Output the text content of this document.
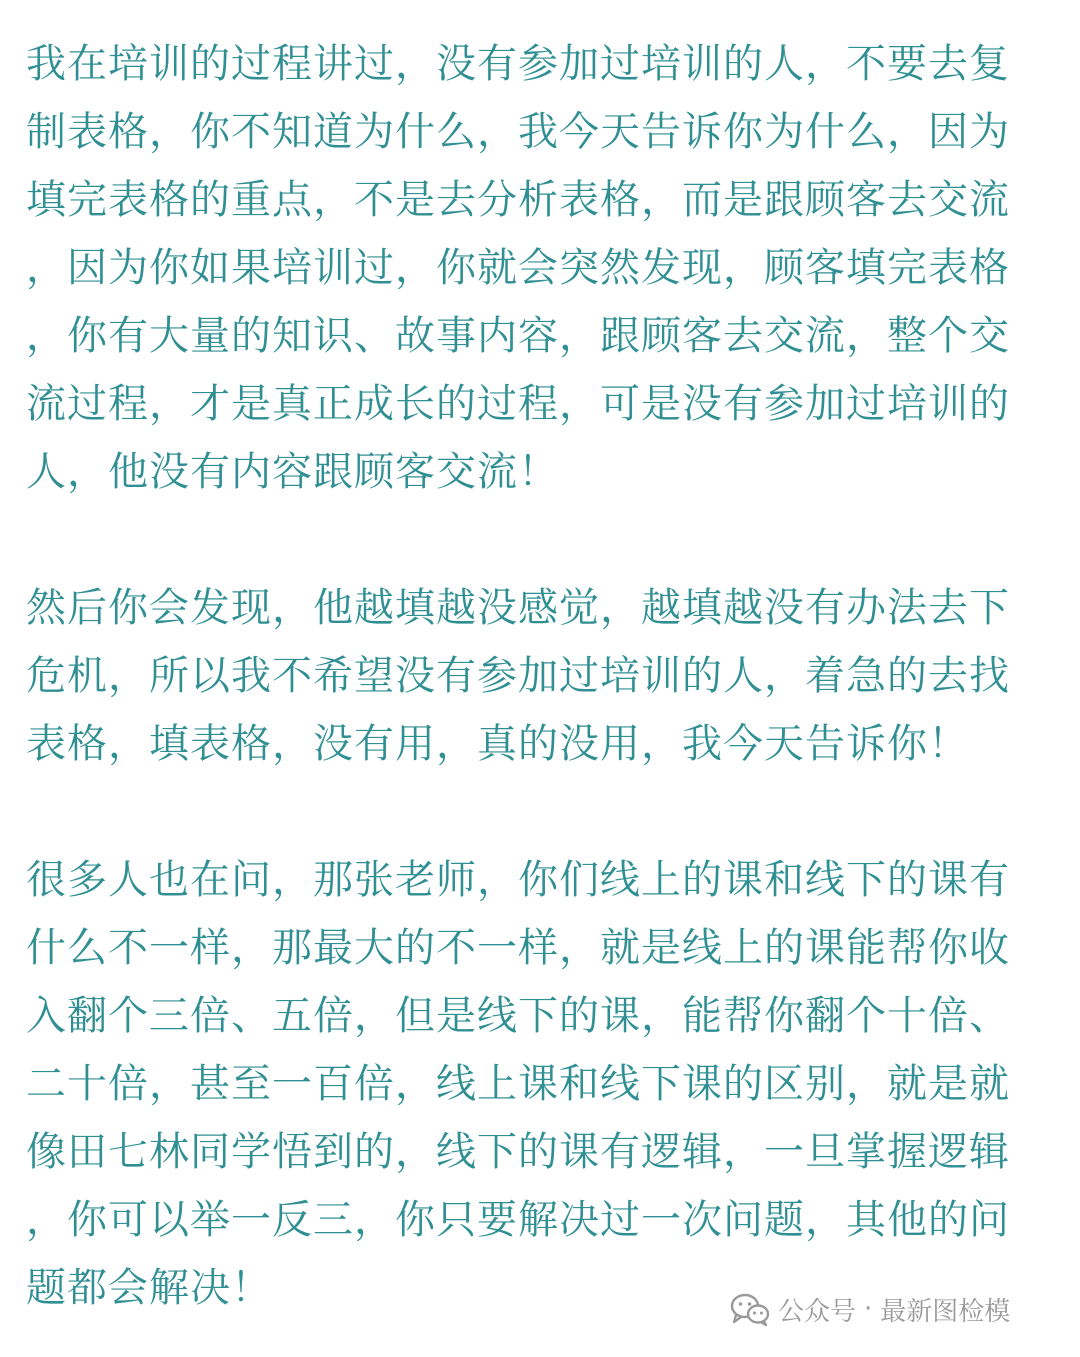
我在培训的过程讲过，没有参加过培训的人，不要去复
制表格，你不知道为什么，我今天告诉你为什么，因为
填完表格的重点，不是去分析表格，而是跟顾客去交流
，因为你如果培训过，你就会突然发现，顾客填完表格
，你有大量的知识、故事内容，跟顾客去交流，整个交
流过程，才是真正成长的过程，可是没有参加过培训的
人，他没有内容跟顾客交流！
然后你会发现，他越填越没感觉，越填越没有办法去下
危机，所以我不希望没有参加过培训的人，着急的去找
表格，填表格，没有用，真的没用，我今天告诉你！
很多人也在问，那张老师，你们线上的课和线下的课有
什么不一样，那最大的不一样，就是线上的课能帮你收
入翻个三倍、五倍，但是线下的课，能帮你翻个十倍、
二十倍，甚至一百倍，线上课和线下课的区别，就是就
像田七林同学悟到的，线下的课有逻辑，一旦掌握逻辑
，你可以举一反三，你只要解决过一次问题，其他的问
题都会解决！
公众号 · 最新图检模
